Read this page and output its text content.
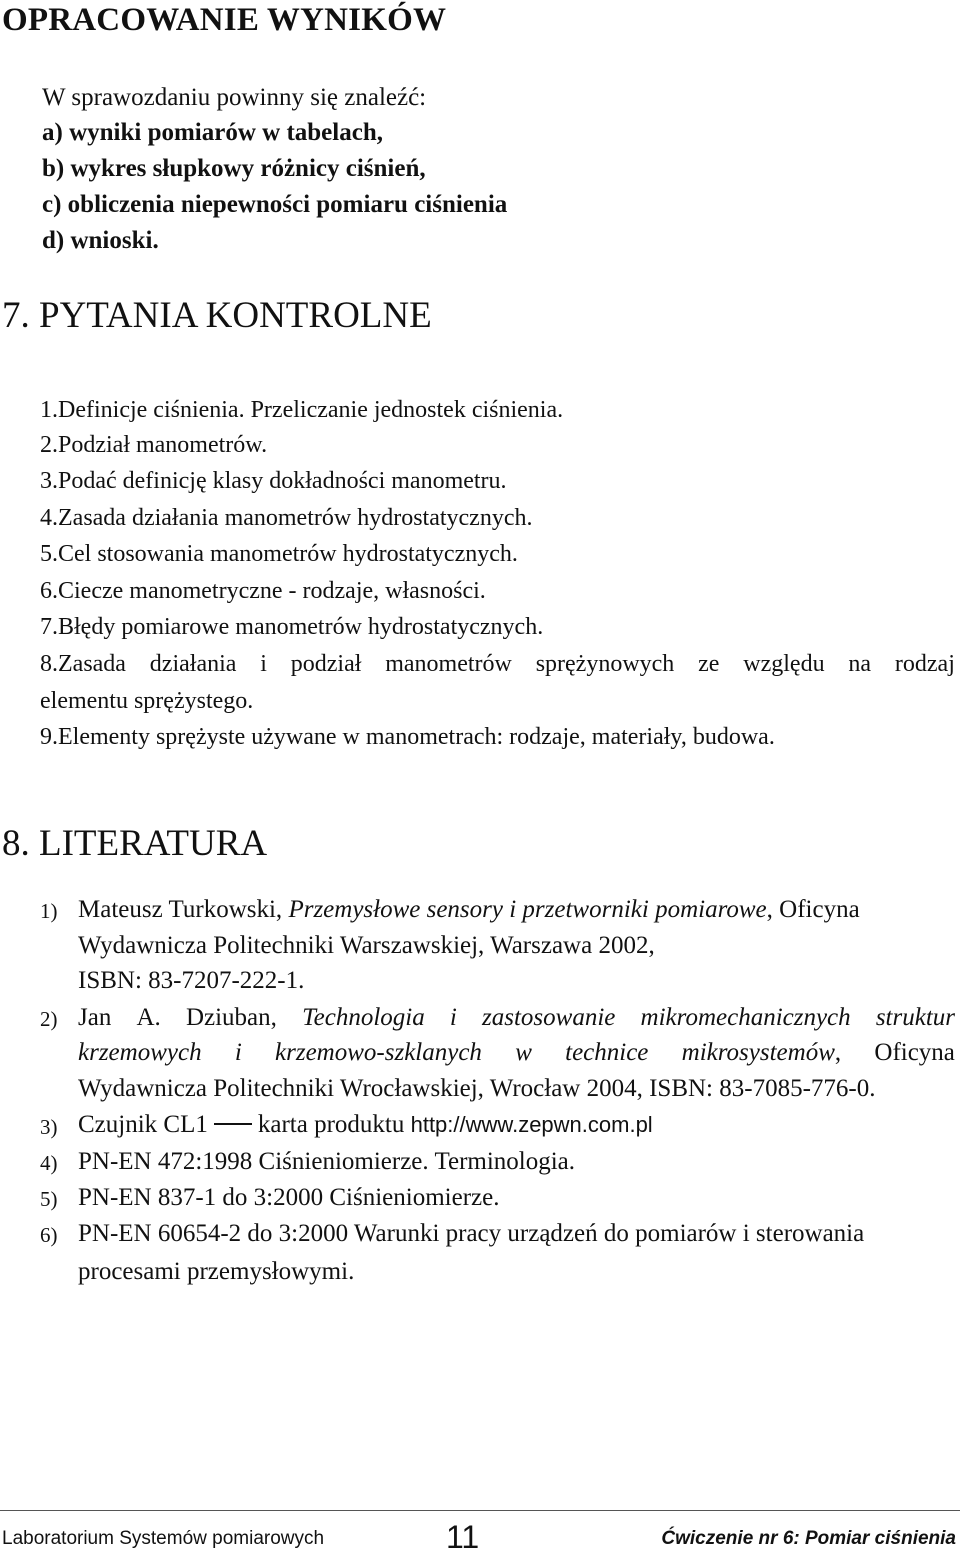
OPRACOWANIE WYNIKÓW
W sprawozdaniu powinny się znaleźć:
a) wyniki pomiarów w tabelach,
b) wykres słupkowy różnicy ciśnień,
c) obliczenia niepewności pomiaru ciśnienia
d) wnioski.
7. PYTANIA KONTROLNE
1.Definicje ciśnienia. Przeliczanie jednostek ciśnienia.
2.Podział manometrów.
3.Podać definicję klasy dokładności manometru.
4.Zasada działania manometrów hydrostatycznych.
5.Cel stosowania manometrów hydrostatycznych.
6.Ciecze manometryczne - rodzaje, własności.
7.Błędy pomiarowe manometrów hydrostatycznych.
8.Zasada działania i podział manometrów sprężynowych ze względu na rodzaj
elementu sprężystego.
9.Elementy sprężyste używane w manometrach: rodzaje, materiały, budowa.
8. LITERATURA
1) Mateusz Turkowski, Przemysłowe sensory i przetworniki pomiarowe, Oficyna
Wydawnicza Politechniki Warszawskiej, Warszawa 2002,
ISBN: 83-7207-222-1.
2) Jan A. Dziuban, Technologia i zastosowanie mikromechanicznych struktur
krzemowych i krzemowo-szklanych w technice mikrosystemów, Oficyna
Wydawnicza Politechniki Wrocławskiej, Wrocław 2004, ISBN: 83-7085-776-0.
3) Czujnik CL1 karta produktu http://www.zepwn.com.pl
4) PN-EN 472:1998 Ciśnieniomierze. Terminologia.
5) PN-EN 837-1 do 3:2000 Ciśnieniomierze.
6) PN-EN 60654-2 do 3:2000 Warunki pracy urządzeń do pomiarów i sterowania
procesami przemysłowymi.
Laboratorium Systemów pomiarowych	11	Ćwiczenie nr 6: Pomiar ciśnienia
